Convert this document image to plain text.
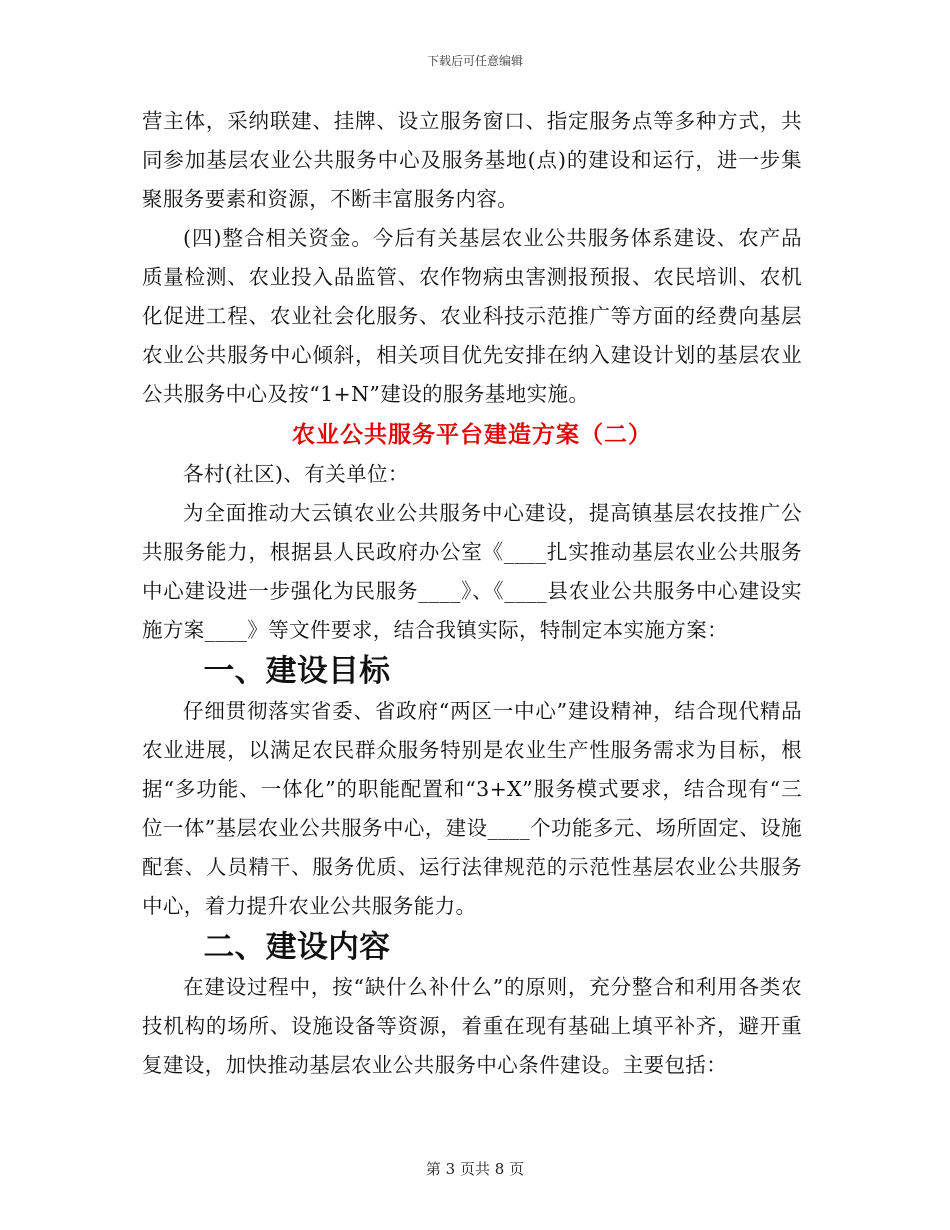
下载后可任意编辑

营主体，采纳联建、挂牌、设立服务窗口、指定服务点等多种方式，共同参加基层农业公共服务中心及服务基地(点)的建设和运行，进一步集聚服务要素和资源，不断丰富服务内容。

(四)整合相关资金。今后有关基层农业公共服务体系建设、农产品质量检测、农业投入品监管、农作物病虫害测报预报、农民培训、农机化促进工程、农业社会化服务、农业科技示范推广等方面的经费向基层农业公共服务中心倾斜，相关项目优先安排在纳入建设计划的基层农业公共服务中心及按“1+N”建设的服务基地实施。

农业公共服务平台建造方案（二）

各村(社区)、有关单位：

为全面推动大云镇农业公共服务中心建设，提高镇基层农技推广公共服务能力，根据县人民政府办公室《____扎实推动基层农业公共服务中心建设进一步强化为民服务____》、《____县农业公共服务中心建设实施方案____》等文件要求，结合我镇实际，特制定本实施方案：

一、建设目标

仔细贯彻落实省委、省政府“两区一中心”建设精神，结合现代精品农业进展，以满足农民群众服务特别是农业生产性服务需求为目标，根据“多功能、一体化”的职能配置和“3+X”服务模式要求，结合现有“三位一体”基层农业公共服务中心，建设____个功能多元、场所固定、设施配套、人员精干、服务优质、运行法律规范的示范性基层农业公共服务中心，着力提升农业公共服务能力。

二、建设内容

在建设过程中，按“缺什么补什么”的原则，充分整合和利用各类农技机构的场所、设施设备等资源，着重在现有基础上填平补齐，避开重复建设，加快推动基层农业公共服务中心条件建设。主要包括：

第 3 页共 8 页
